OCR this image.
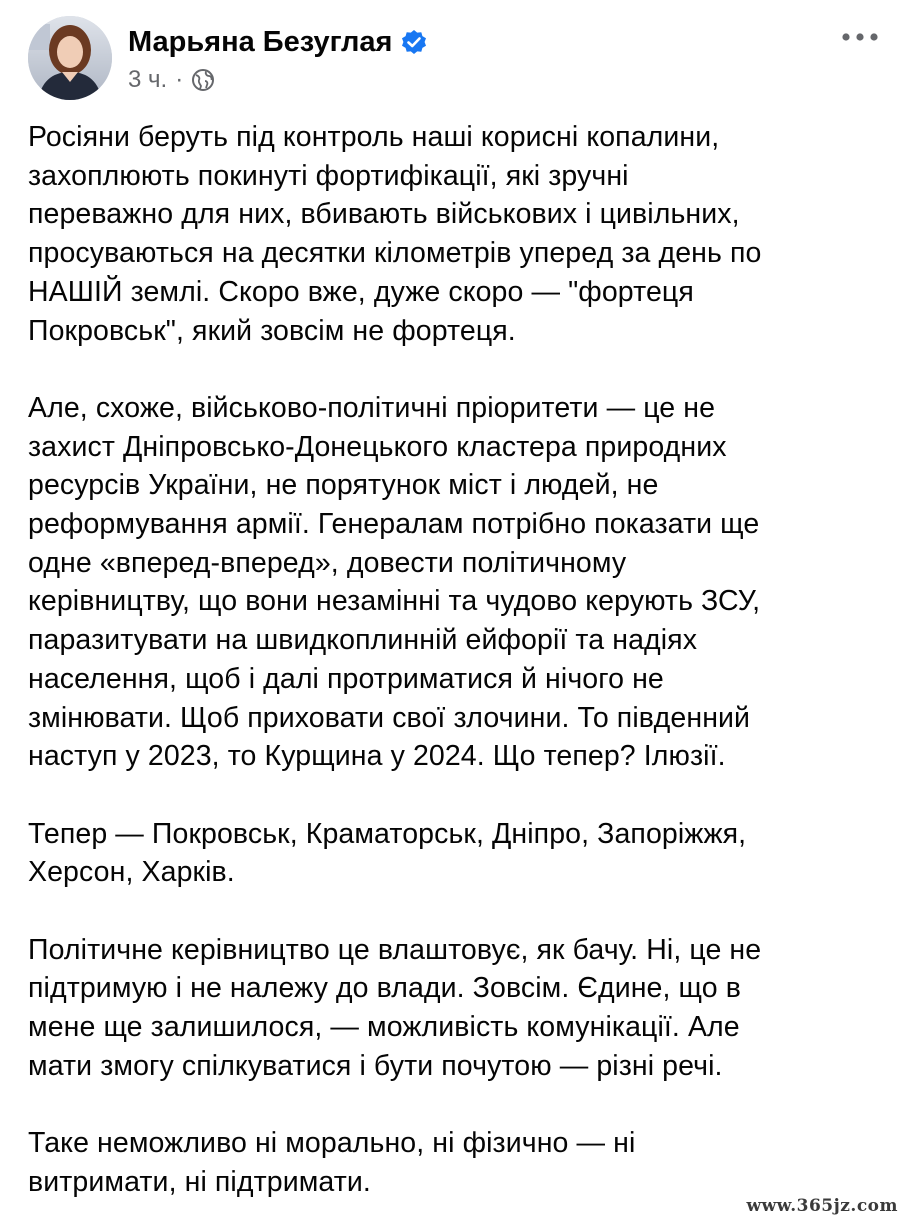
Марьяна Безуглая
3 ч. ·

Росіяни беруть під контроль наші корисні копалини,
захоплюють покинуті фортифікації, які зручні
переважно для них, вбивають військових і цивільних,
просуваються на десятки кілометрів уперед за день по
НАШІЙ землі. Скоро вже, дуже скоро — "фортеця
Покровськ", який зовсім не фортеця.

Але, схоже, військово-політичні пріоритети — це не
захист Дніпровсько-Донецького кластера природних
ресурсів України, не порятунок міст і людей, не
реформування армії. Генералам потрібно показати ще
одне «вперед-вперед», довести політичному
керівництву, що вони незамінні та чудово керують ЗСУ,
паразитувати на швидкоплинній ейфорії та надіях
населення, щоб і далі протриматися й нічого не
змінювати. Щоб приховати свої злочини. То південний
наступ у 2023, то Курщина у 2024. Що тепер? Ілюзії.

Тепер — Покровськ, Краматорськ, Дніпро, Запоріжжя,
Херсон, Харків.

Політичне керівництво це влаштовує, як бачу. Ні, це не
підтримую і не належу до влади. Зовсім. Єдине, що в
мене ще залишилося, — можливість комунікації. Але
мати змогу спілкуватися і бути почутою — різні речі.

Таке неможливо ні морально, ні фізично — ні
витримати, ні підтримати.

www.365jz.com
